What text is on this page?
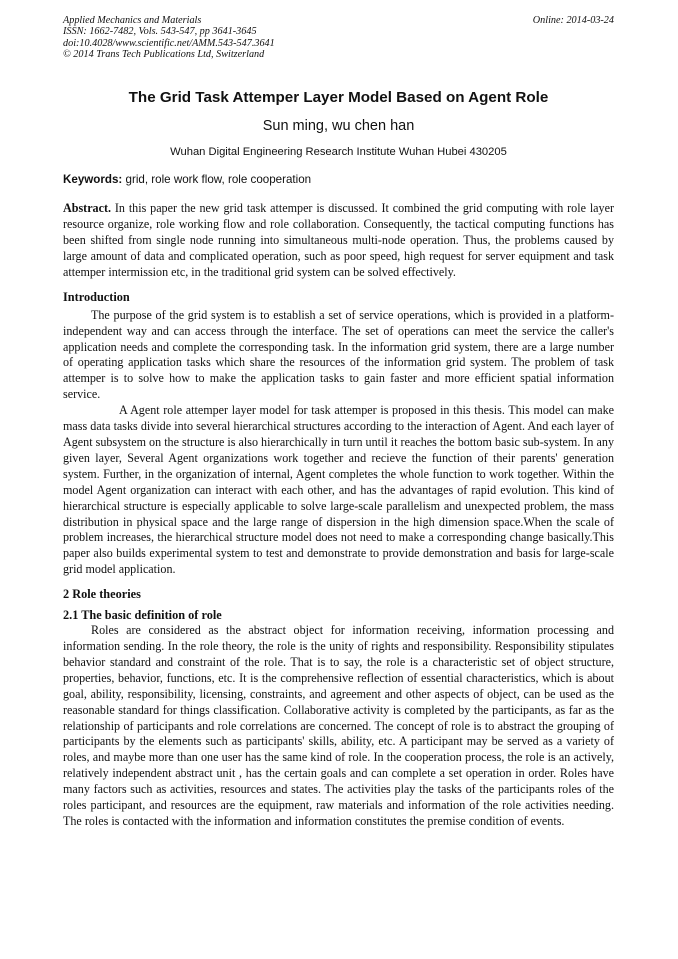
Applied Mechanics and Materials	Online: 2014-03-24
ISSN: 1662-7482, Vols. 543-547, pp 3641-3645
doi:10.4028/www.scientific.net/AMM.543-547.3641
© 2014 Trans Tech Publications Ltd, Switzerland
The Grid Task Attemper Layer Model Based on Agent Role
Sun ming, wu chen han
Wuhan Digital Engineering Research Institute Wuhan Hubei 430205
Keywords: grid, role work flow, role cooperation
Abstract. In this paper the new grid task attemper is discussed. It combined the grid computing with role layer resource organize, role working flow and role collaboration. Consequently, the tactical computing functions has been shifted from single node running into simultaneous multi-node operation. Thus, the problems caused by large amount of data and complicated operation, such as poor speed, high request for server equipment and task attemper intermission etc, in the traditional grid system can be solved effectively.
Introduction

The purpose of the grid system is to establish a set of service operations, which is provided in a platform-independent way and can access through the interface. The set of operations can meet the service the caller's application needs and complete the corresponding task. In the information grid system, there are a large number of operating application tasks which share the resources of the information grid system. The problem of task attemper is to solve how to make the application tasks to gain faster and more efficient spatial information service.

A Agent role attemper layer model for task attemper is proposed in this thesis. This model can make mass data tasks divide into several hierarchical structures according to the interaction of Agent. And each layer of Agent subsystem on the structure is also hierarchically in turn until it reaches the bottom basic sub-system. In any given layer, Several Agent organizations work together and recieve the function of their parents' generation system. Further, in the organization of internal, Agent completes the whole function to work together. Within the model Agent organization can interact with each other, and has the advantages of rapid evolution. This kind of hierarchical structure is especially applicable to solve large-scale parallelism and unexpected problem, the mass distribution in physical space and the large range of dispersion in the high dimension space.When the scale of problem increases, the hierarchical structure model does not need to make a corresponding change basically.This paper also builds experimental system to test and demonstrate to provide demonstration and basis for large-scale grid model application.

2 Role theories
2.1 The basic definition of role

Roles are considered as the abstract object for information receiving, information processing and information sending. In the role theory, the role is the unity of rights and responsibility. Responsibility stipulates behavior standard and constraint of the role. That is to say, the role is a characteristic set of object structure, properties, behavior, functions, etc. It is the comprehensive reflection of essential characteristics, which is about goal, ability, responsibility, licensing, constraints, and agreement and other aspects of object, can be used as the reasonable standard for things classification. Collaborative activity is completed by the participants, as far as the relationship of participants and role correlations are concerned. The concept of role is to abstract the grouping of participants by the elements such as participants' skills, ability, etc. A participant may be served as a variety of roles, and maybe more than one user has the same kind of role. In the cooperation process, the role is an actively, relatively independent abstract unit , has the certain goals and can complete a set operation in order. Roles have many factors such as activities, resources and states. The activities play the tasks of the participants roles of the roles participant, and resources are the equipment, raw materials and information of the role activities needing. The roles is contacted with the information and information constitutes the premise condition of events.
